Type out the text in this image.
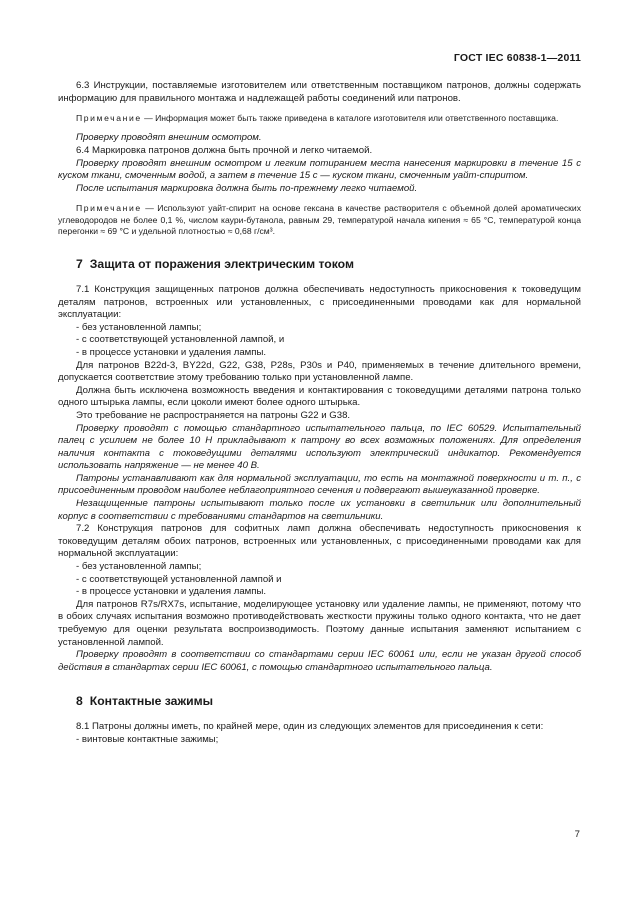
ГОСТ IEC 60838-1—2011

6.3 Инструкции, поставляемые изготовителем или ответственным поставщиком патронов, должны содержать информацию для правильного монтажа и надлежащей работы соединений или патронов.

Примечание — Информация может быть также приведена в каталоге изготовителя или ответственного поставщика.

Проверку проводят внешним осмотром.

6.4 Маркировка патронов должна быть прочной и легко читаемой.

Проверку проводят внешним осмотром и легким потиранием места нанесения маркировки в течение 15 с куском ткани, смоченным водой, а затем в течение 15 с — куском ткани, смоченным уайт-спиритом.

После испытания маркировка должна быть по-прежнему легко читаемой.

Примечание — Используют уайт-спирит на основе гексана в качестве растворителя с объемной долей ароматических углеводородов не более 0,1 %, числом каури-бутанола, равным 29, температурой начала кипения ≈ 65 °С, температурой конца перегонки ≈ 69 °С и удельной плотностью ≈ 0,68 г/см³.

7 Защита от поражения электрическим током

7.1 Конструкция защищенных патронов должна обеспечивать недоступность прикосновения к токоведущим деталям патронов, встроенных или установленных, с присоединенными проводами как для нормальной эксплуатации:

- без установленной лампы;

- с соответствующей установленной лампой, и

- в процессе установки и удаления лампы.

Для патронов В22d-3, BY22d, G22, G38, P28s, P30s и P40, применяемых в течение длительного времени, допускается соответствие этому требованию только при установленной лампе.

Должна быть исключена возможность введения и контактирования с токоведущими деталями патрона только одного штырька лампы, если цоколи имеют более одного штырька.

Это требование не распространяется на патроны G22 и G38.

Проверку проводят с помощью стандартного испытательного пальца, по IEC 60529. Испытательный палец с усилием не более 10 Н прикладывают к патрону во всех возможных положениях. Для определения наличия контакта с токоведущими деталями используют электрический индикатор. Рекомендуется использовать напряжение — не менее 40 В.

Патроны устанавливают как для нормальной эксплуатации, то есть на монтажной поверхности и т. п., с присоединенным проводом наиболее неблагоприятного сечения и подвергают вышеуказанной проверке.

Незащищенные патроны испытывают только после их установки в светильник или дополнительный корпус в соответствии с требованиями стандартов на светильники.

7.2 Конструкция патронов для софитных ламп должна обеспечивать недоступность прикосновения к токоведущим деталям обоих патронов, встроенных или установленных, с присоединенными проводами как для нормальной эксплуатации:

- без установленной лампы;

- с соответствующей установленной лампой и

- в процессе установки и удаления лампы.

Для патронов R7s/RX7s, испытание, моделирующее установку или удаление лампы, не применяют, потому что в обоих случаях испытания возможно противодействовать жесткости пружины только одного контакта, что не дает требуемую для оценки результата воспроизводимость. Поэтому данные испытания заменяют испытанием с установленной лампой.

Проверку проводят в соответствии со стандартами серии IEC 60061 или, если не указан другой способ действия в стандартах серии IEC 60061, с помощью стандартного испытательного пальца.

8 Контактные зажимы

8.1 Патроны должны иметь, по крайней мере, один из следующих элементов для присоединения к сети:

- винтовые контактные зажимы;

7
